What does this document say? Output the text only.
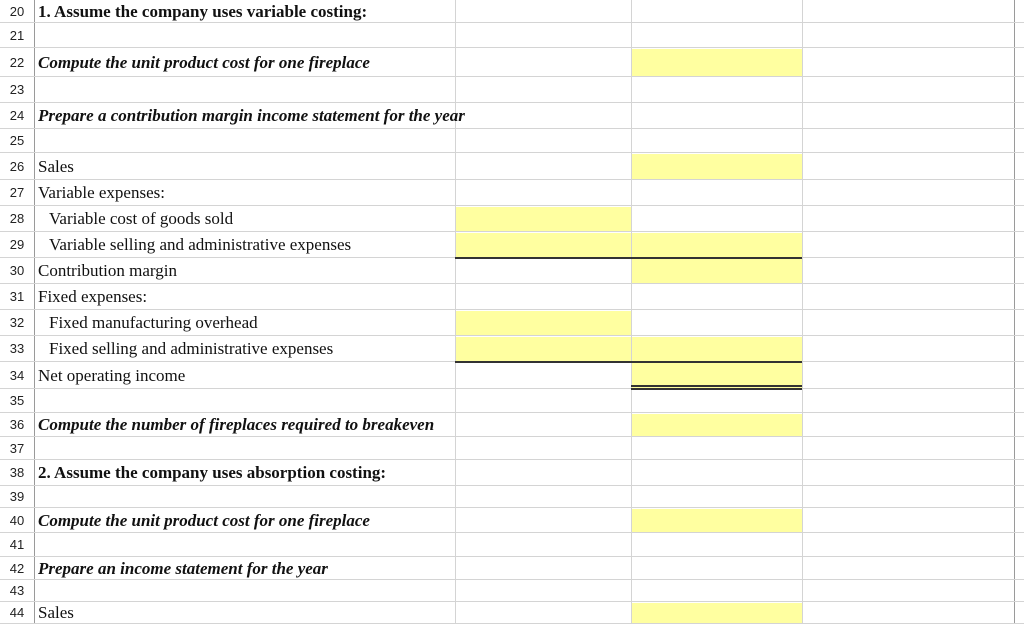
20 1. Assume the company uses variable costing:
21
22 Compute the unit product cost for one fireplace
23
24 Prepare a contribution margin income statement for the year
25
26 Sales
27 Variable expenses:
28	Variable cost of goods sold
29	Variable selling and administrative expenses
30 Contribution margin
31 Fixed expenses:
32	Fixed manufacturing overhead
33	Fixed selling and administrative expenses
34 Net operating income
35
36 Compute the number of fireplaces required to breakeven
37
38 2. Assume the company uses absorption costing:
39
40 Compute the unit product cost for one fireplace
41
42 Prepare an income statement for the year
43
44 Sales
